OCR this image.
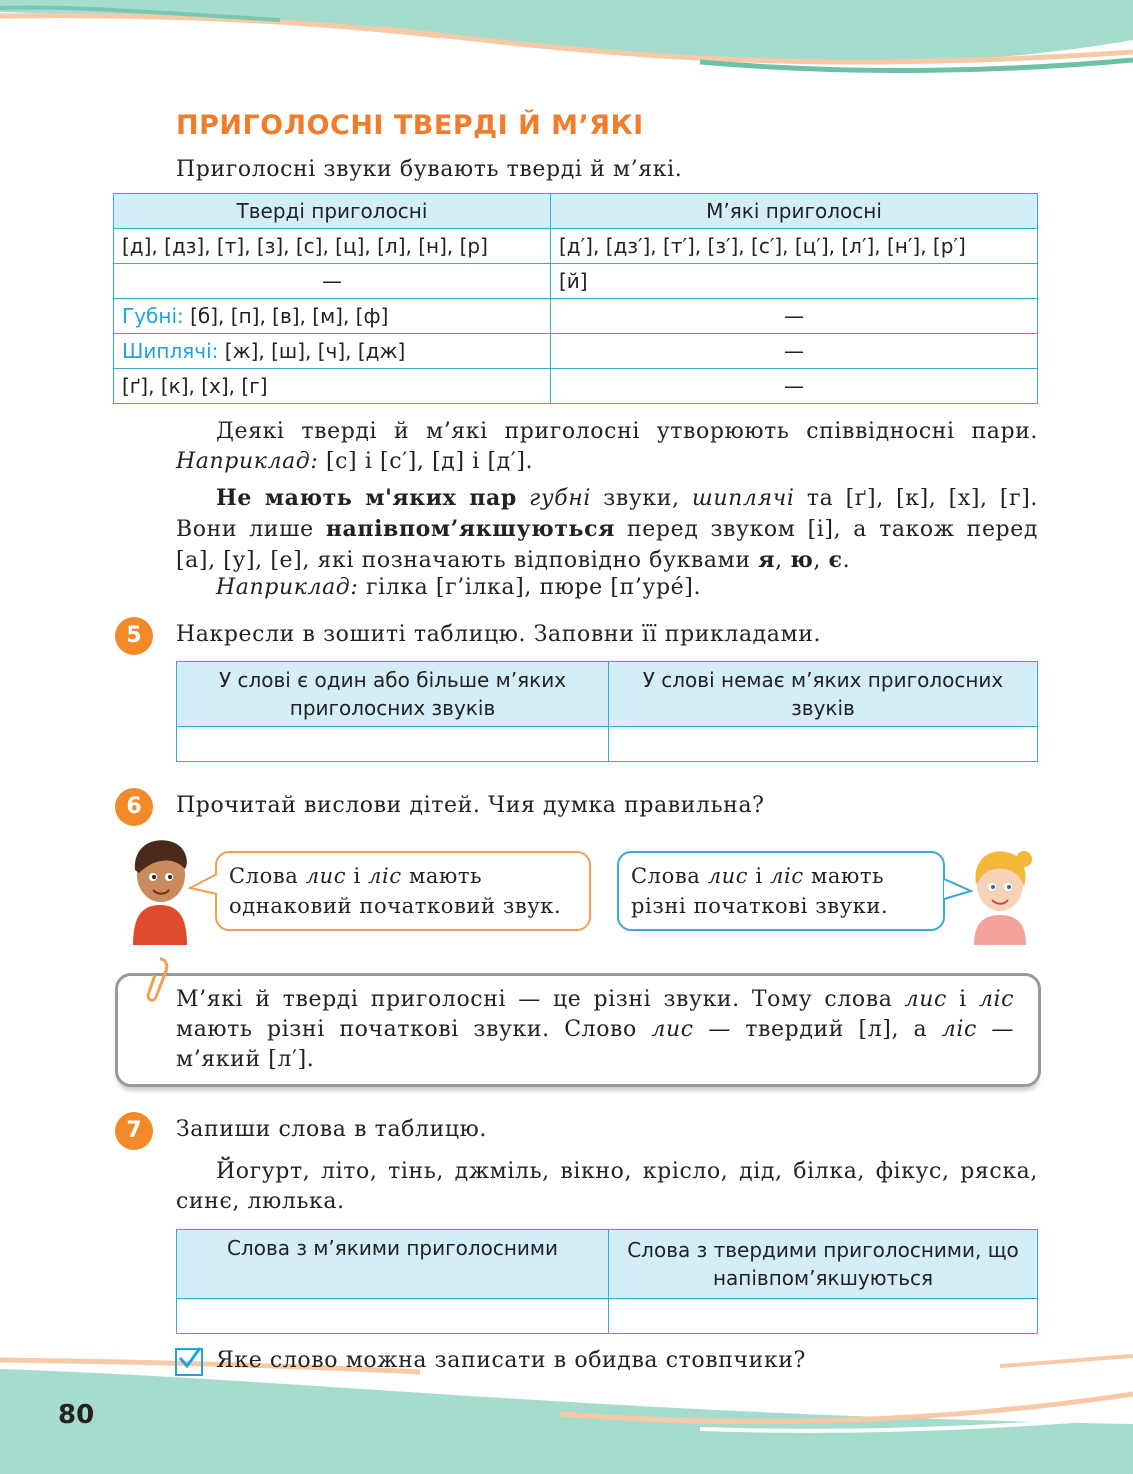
ПРИГОЛОСНІ ТВЕРДІ Й М’ЯКІ
Приголосні звуки бувають тверді й м’які.
Тверді приголосні	М’які приголосні
[д], [дз], [т], [з], [с], [ц], [л], [н], [р]	[д′], [дз′], [т′], [з′], [с′], [ц′], [л′], [н′], [р′]
—	[й]
Губні: [б], [п], [в], [м], [ф]	—
Шиплячі: [ж], [ш], [ч], [дж]	—
[ґ], [к], [х], [г]	—
Деякі тверді й м’які приголосні утворюють співвідносні пари. Наприклад: [с] і [с′], [д] і [д′].
Не мають м'яких пар губні звуки, шиплячі та [ґ], [к], [х], [г]. Вони лише напівпом’якшуються перед звуком [і], а також перед [а], [у], [е], які позначають відповідно буквами я, ю, є.
Наприклад: гілка [г’ілка], пюре [п’урé].
5	Накресли в зошиті таблицю. Заповни її прикладами.
У слові є один або більше м’яких приголосних звуків	У слові немає м’яких приголосних звуків

6	Прочитай вислови дітей. Чия думка правильна?
Слова лис і ліс мають однаковий початковий звук.
Слова лис і ліс мають різні початкові звуки.
М’які й тверді приголосні — це різні звуки. Тому слова лис і ліс мають різні початкові звуки. Слово лис — твердий [л], а ліс — м’який [л′].
7	Запиши слова в таблицю.
Йогурт, літо, тінь, джміль, вікно, крісло, дід, білка, фікус, ряска, синє, люлька.
Слова з м’якими приголосними	Слова з твердими приголосними, що напівпом’якшуються

Яке слово можна записати в обидва стовпчики?
80
